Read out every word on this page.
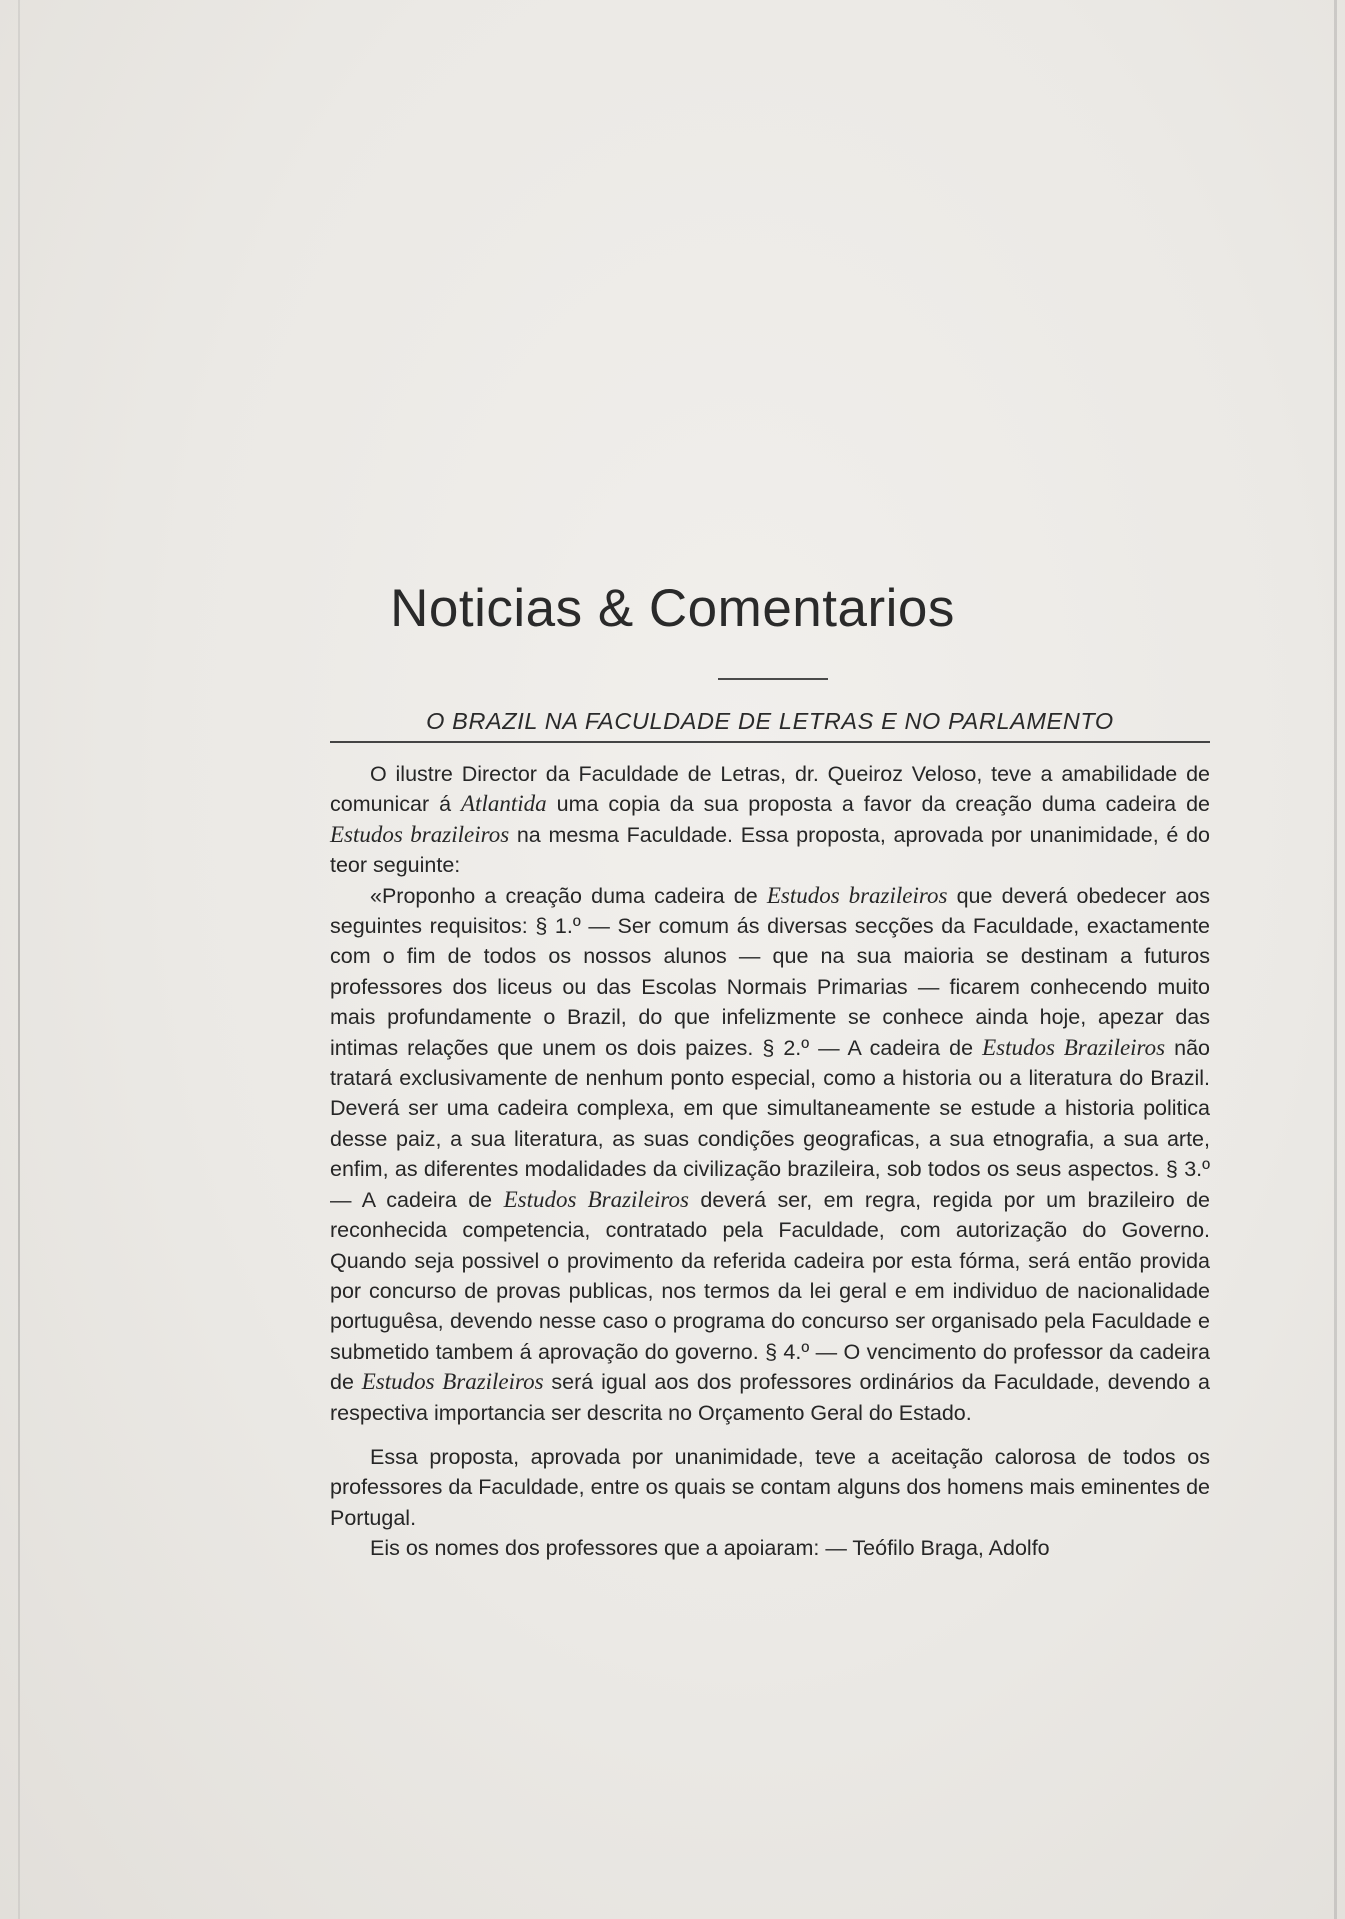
Noticias & Comentarios
O BRAZIL NA FACULDADE DE LETRAS E NO PARLAMENTO

O ilustre Director da Faculdade de Letras, dr. Queiroz Veloso, teve a amabilidade de comunicar á Atlantida uma copia da sua proposta a favor da creação duma cadeira de Estudos brazileiros na mesma Faculdade. Essa proposta, aprovada por unanimidade, é do teor seguinte:

«Proponho a creação duma cadeira de Estudos brazileiros que deverá obedecer aos seguintes requisitos: § 1.º — Ser comum ás diversas secções da Faculdade, exactamente com o fim de todos os nossos alunos — que na sua maioria se destinam a futuros professores dos liceus ou das Escolas Normais Primarias — ficarem conhecendo muito mais profundamente o Brazil, do que infelizmente se conhece ainda hoje, apezar das intimas relações que unem os dois paizes. § 2.º — A cadeira de Estudos Brazileiros não tratará exclusivamente de nenhum ponto especial, como a historia ou a literatura do Brazil. Deverá ser uma cadeira complexa, em que simultaneamente se estude a historia politica desse paiz, a sua literatura, as suas condições geograficas, a sua etnografia, a sua arte, enfim, as diferentes modalidades da civilização brazileira, sob todos os seus aspectos. § 3.º — A cadeira de Estudos Brazileiros deverá ser, em regra, regida por um brazileiro de reconhecida competencia, contratado pela Faculdade, com autorização do Governo. Quando seja possivel o provimento da referida cadeira por esta fórma, será então provida por concurso de provas publicas, nos termos da lei geral e em individuo de nacionalidade portuguêsa, devendo nesse caso o programa do concurso ser organisado pela Faculdade e submetido tambem á aprovação do governo. § 4.º — O vencimento do professor da cadeira de Estudos Brazileiros será igual aos dos professores ordinários da Faculdade, devendo a respectiva importancia ser descrita no Orçamento Geral do Estado.

Essa proposta, aprovada por unanimidade, teve a aceitação calorosa de todos os professores da Faculdade, entre os quais se contam alguns dos homens mais eminentes de Portugal.

Eis os nomes dos professores que a apoiaram: — Teófilo Braga, Adolfo
